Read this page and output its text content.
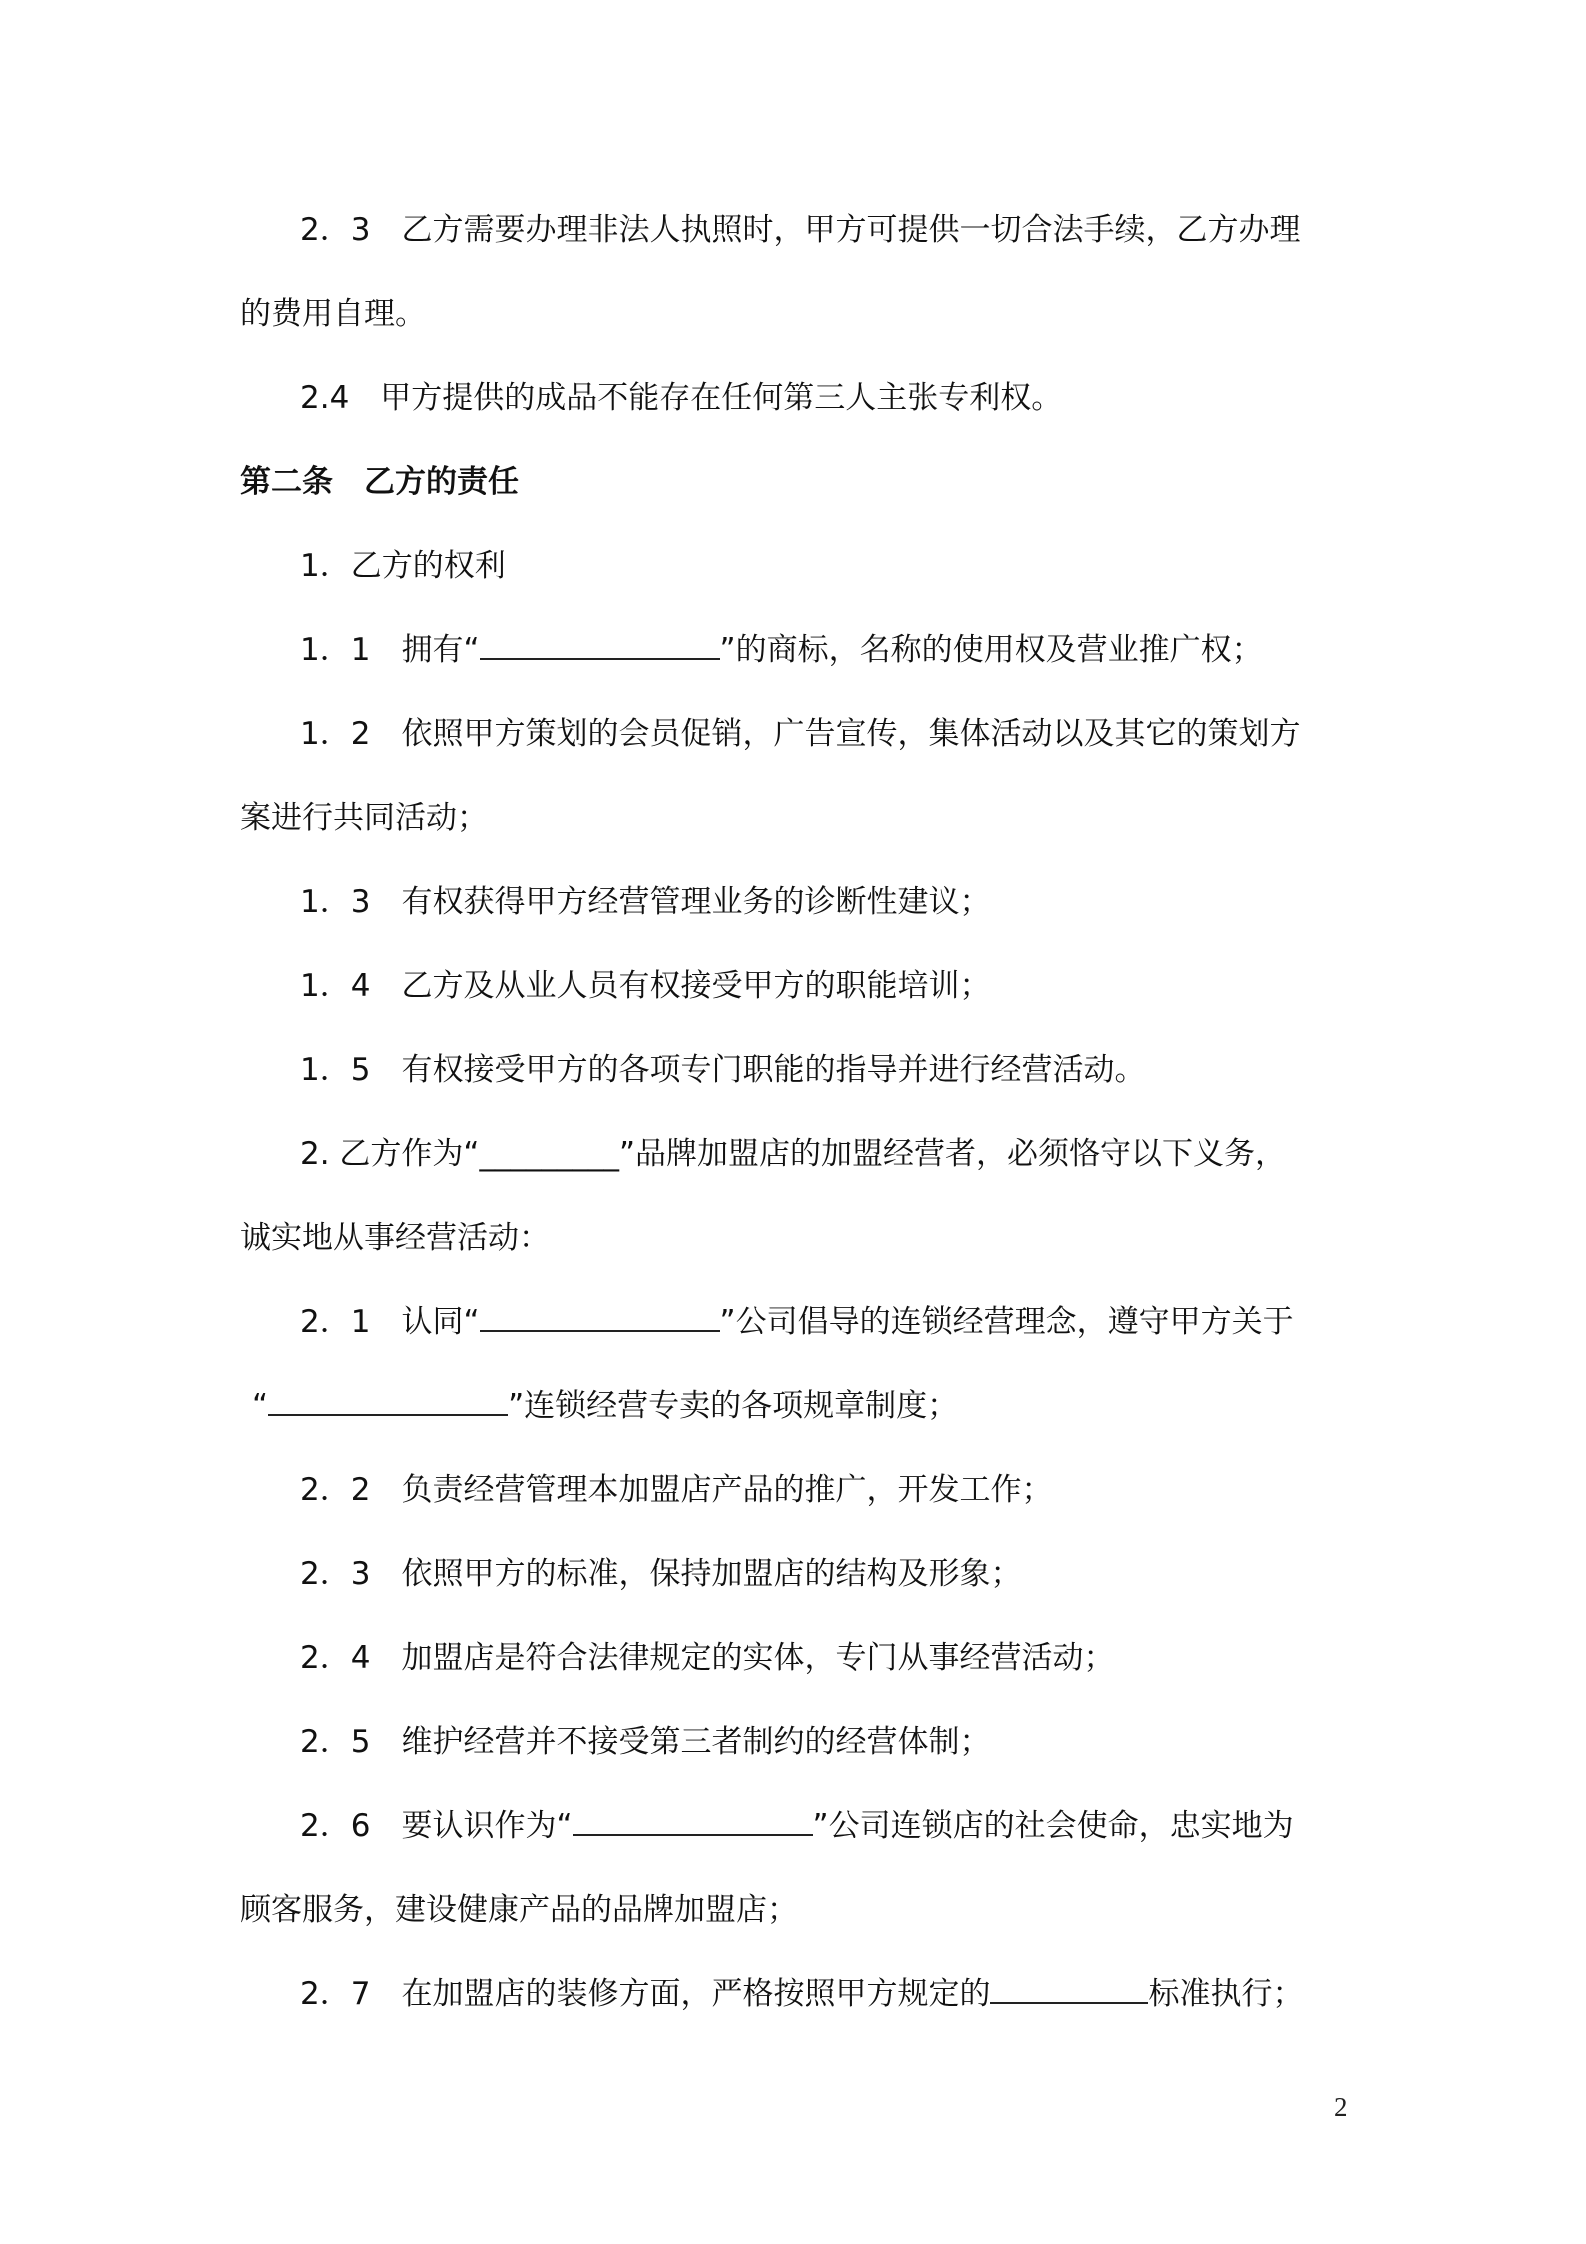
2．3　乙方需要办理非法人执照时，甲方可提供一切合法手续，乙方办理
的费用自理。
2.4　甲方提供的成品不能存在任何第三人主张专利权。
第二条　乙方的责任
1．乙方的权利
1．1　拥有“	”的商标，名称的使用权及营业推广权；
1．2　依照甲方策划的会员促销，广告宣传，集体活动以及其它的策划方
案进行共同活动；
1．3　有权获得甲方经营管理业务的诊断性建议；
1．4　乙方及从业人员有权接受甲方的职能培训；
1．5　有权接受甲方的各项专门职能的指导并进行经营活动。
2. 乙方作为“_________”品牌加盟店的加盟经营者，必须恪守以下义务，
诚实地从事经营活动：
2．1　认同“	”公司倡导的连锁经营理念，遵守甲方关于
“	”连锁经营专卖的各项规章制度；
2．2　负责经营管理本加盟店产品的推广，开发工作；
2．3　依照甲方的标准，保持加盟店的结构及形象；
2．4　加盟店是符合法律规定的实体，专门从事经营活动；
2．5　维护经营并不接受第三者制约的经营体制；
2．6　要认识作为“	”公司连锁店的社会使命，忠实地为
顾客服务，建设健康产品的品牌加盟店；
2．7　在加盟店的装修方面，严格按照甲方规定的	标准执行；
2
